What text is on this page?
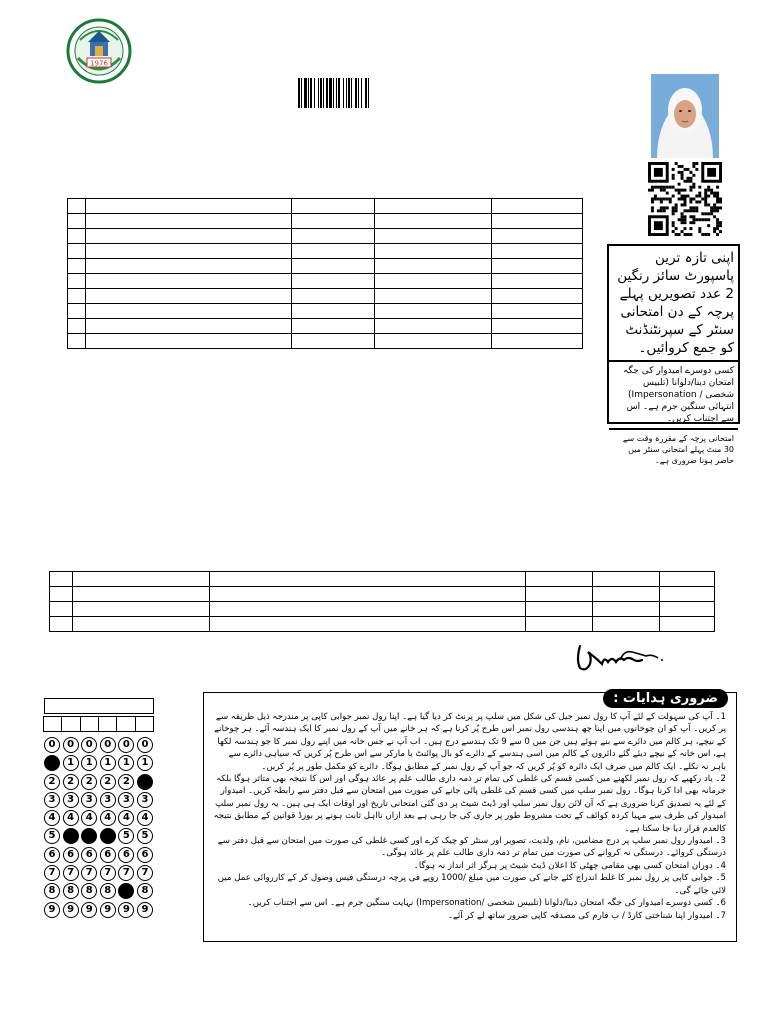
1976

اپنی تازہ ترین پاسپورٹ سائز رنگین 2 عدد تصویریں پہلے پرچہ کے دن امتحانی سنٹر کے سپرنٹنڈنٹ کو جمع کروائیں۔
کسی دوسرے امیدوار کی جگہ امتحان دینا/دلوانا (تلبیس شخصی / Impersonation) انتہائی سنگین جرم ہے۔ اس سے اجتناب کریں۔
امتحانی پرچہ کے مقررہ وقت سے 30 منٹ پہلے امتحانی سنٹر میں حاضر ہونا ضروری ہے۔

0	0	0	0	0	0
1	1	1	1	1	1
2	2	2	2	2	2
3	3	3	3	3	3
4	4	4	4	4	4
5	5	5	5	5	5
6	6	6	6	6	6
7	7	7	7	7	7
8	8	8	8	8	8
9	9	9	9	9	9
ضروری ہدایات :

1۔ آپ کی سہولت کے لئے آپ کا رول نمبر جیل کی شکل میں سلپ پر پرنٹ کر دیا گیا ہے۔ اپنا رول نمبر جوابی کاپی پر مندرجہ ذیل طریقہ سے پر کریں۔ آپ کو ان چوخانوں میں اپنا چھ ہندسی رول نمبر اس طرح پُر کرنا ہے کہ ہر خانے میں آپ کے رول نمبر کا ایک ہندسہ آئے۔ ہر چوخانے کے نیچے، ہر کالم میں دائرے سے بنے ہوئے ہیں جن میں 0 سے 9 تک ہندسے درج ہیں۔ اب آپ نے جس خانہ میں اپنے رول نمبر کا جو ہندسہ لکھا ہے، اس خانہ کے نیچے دیئے گئے دائروں کے کالم میں اسی ہندسے کے دائرے کو بال پوائنٹ یا مارکر سے اس طرح پُر کریں کہ سیاہی دائرے سے باہر نہ نکلے۔ ایک کالم میں صرف ایک دائرہ کو پُر کریں کہ جو آپ کے رول نمبر کے مطابق ہوگا۔ دائرے کو مکمل طور پر پُر کریں۔

2۔ یاد رکھیے کہ رول نمبر لکھنے میں کسی قسم کی غلطی کی تمام تر ذمہ داری طالب علم پر عائد ہوگی اور اس کا نتیجہ بھی متاثر ہوگا بلکہ جرمانہ بھی ادا کرنا ہوگا۔ رول نمبر سلپ میں کسی قسم کی غلطی پائی جانے کی صورت میں امتحان سے قبل دفتر سے رابطہ کریں۔ امیدوار کے لئے یہ تصدیق کرنا ضروری ہے کہ آن لائن رول نمبر سلپ اور ڈیٹ شیٹ پر دی گئی امتحانی تاریخ اور اوقات ایک ہی ہیں۔ یہ رول نمبر سلپ امیدوار کی طرف سے مہیا کردہ کوائف کے تحت مشروط طور پر جاری کی جا رہی ہے بعد ازاں نااہل ثابت ہونے پر بورڈ قوانین کے مطابق نتیجہ کالعدم قرار دیا جا سکتا ہے۔

3۔ امیدوار رول نمبر سلپ پر درج مضامین، نام، ولدیت، تصویر اور سنٹر کو چیک کرے اور کسی غلطی کی صورت میں امتحان سے قبل دفتر سے درستگی کروائے۔ درستگی نہ کروانے کی صورت میں تمام تر ذمہ داری طالب علم پر عائد ہوگی۔

4۔ دوران امتحان کسی بھی مقامی چھٹی کا اعلان ڈیٹ شیٹ پر ہرگز اثر انداز نہ ہوگا۔

5۔ جوابی کاپی پر رول نمبر کا غلط اندراج کئے جانے کی صورت میں مبلغ /1000 روپے فی پرچہ درستگی فیس وصول کر کے کارروائی عمل میں لائی جائے گی۔

6۔ کسی دوسرے امیدوار کی جگہ امتحان دینا/دلوانا (تلبیس شخصی /Impersonation) نہایت سنگین جرم ہے۔ اس سے اجتناب کریں۔

7۔ امیدوار اپنا شناختی کارڈ / ب فارم کی مصدقہ کاپی ضرور ساتھ لے کر آئے۔
